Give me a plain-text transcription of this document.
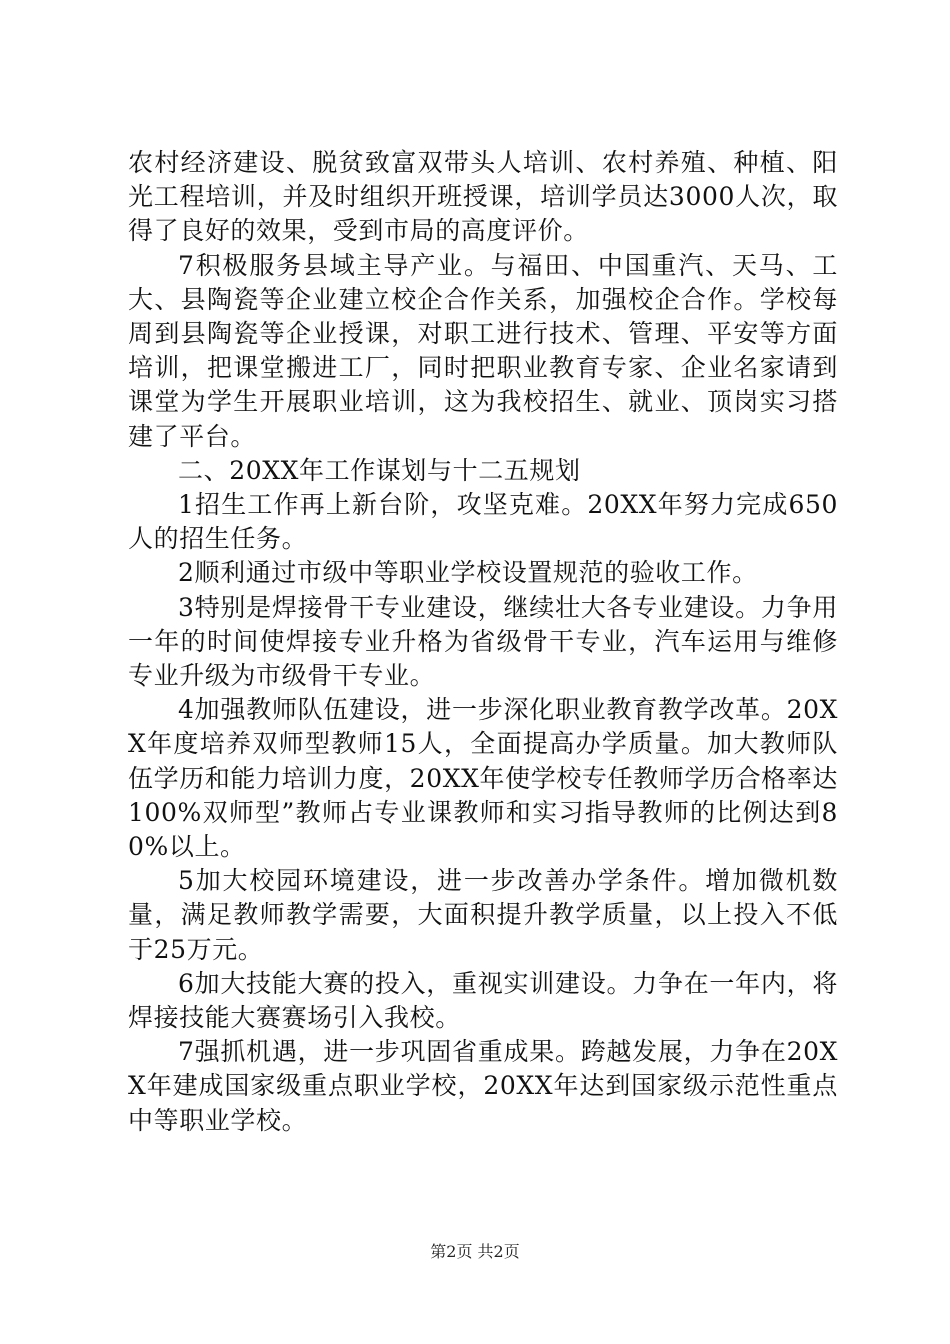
农村经济建设、脱贫致富双带头人培训、农村养殖、种植、阳光工程培训，并及时组织开班授课，培训学员达3000人次，取得了良好的效果，受到市局的高度评价。

7积极服务县域主导产业。与福田、中国重汽、天马、工大、县陶瓷等企业建立校企合作关系，加强校企合作。学校每周到县陶瓷等企业授课，对职工进行技术、管理、平安等方面培训，把课堂搬进工厂，同时把职业教育专家、企业名家请到课堂为学生开展职业培训，这为我校招生、就业、顶岗实习搭建了平台。

二、20XX年工作谋划与十二五规划

1招生工作再上新台阶，攻坚克难。20XX年努力完成650人的招生任务。

2顺利通过市级中等职业学校设置规范的验收工作。

3特别是焊接骨干专业建设，继续壮大各专业建设。力争用一年的时间使焊接专业升格为省级骨干专业，汽车运用与维修专业升级为市级骨干专业。

4加强教师队伍建设，进一步深化职业教育教学改革。20XX年度培养双师型教师15人，全面提高办学质量。加大教师队伍学历和能力培训力度，20XX年使学校专任教师学历合格率达100%双师型”教师占专业课教师和实习指导教师的比例达到80%以上。

5加大校园环境建设，进一步改善办学条件。增加微机数量，满足教师教学需要，大面积提升教学质量，以上投入不低于25万元。

6加大技能大赛的投入，重视实训建设。力争在一年内，将焊接技能大赛赛场引入我校。

7强抓机遇，进一步巩固省重成果。跨越发展，力争在20XX年建成国家级重点职业学校，20XX年达到国家级示范性重点中等职业学校。

第2页 共2页
